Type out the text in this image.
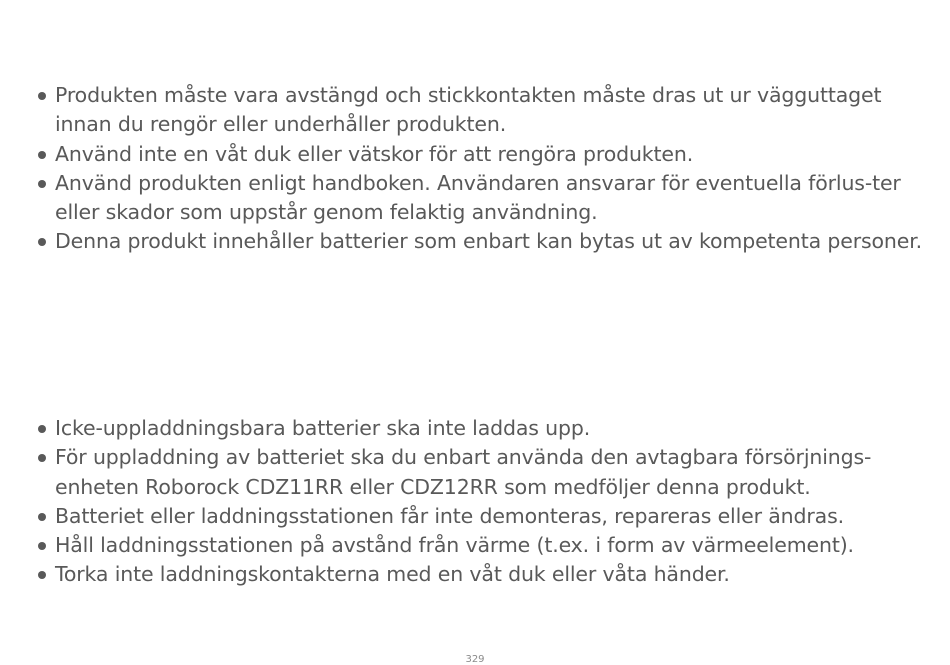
Produkten måste vara avstängd och stickkontakten måste dras ut ur vägguttaget innan du rengör eller underhåller produkten.
Använd inte en våt duk eller vätskor för att rengöra produkten.
Använd produkten enligt handboken. Användaren ansvarar för eventuella förlus-ter eller skador som uppstår genom felaktig användning.
Denna produkt innehåller batterier som enbart kan bytas ut av kompetenta personer.
Icke-uppladdningsbara batterier ska inte laddas upp.
För uppladdning av batteriet ska du enbart använda den avtagbara försörjnings-enheten Roborock CDZ11RR eller CDZ12RR som medföljer denna produkt.
Batteriet eller laddningsstationen får inte demonteras, repareras eller ändras.
Håll laddningsstationen på avstånd från värme (t.ex. i form av värmeelement).
Torka inte laddningskontakterna med en våt duk eller våta händer.
329
